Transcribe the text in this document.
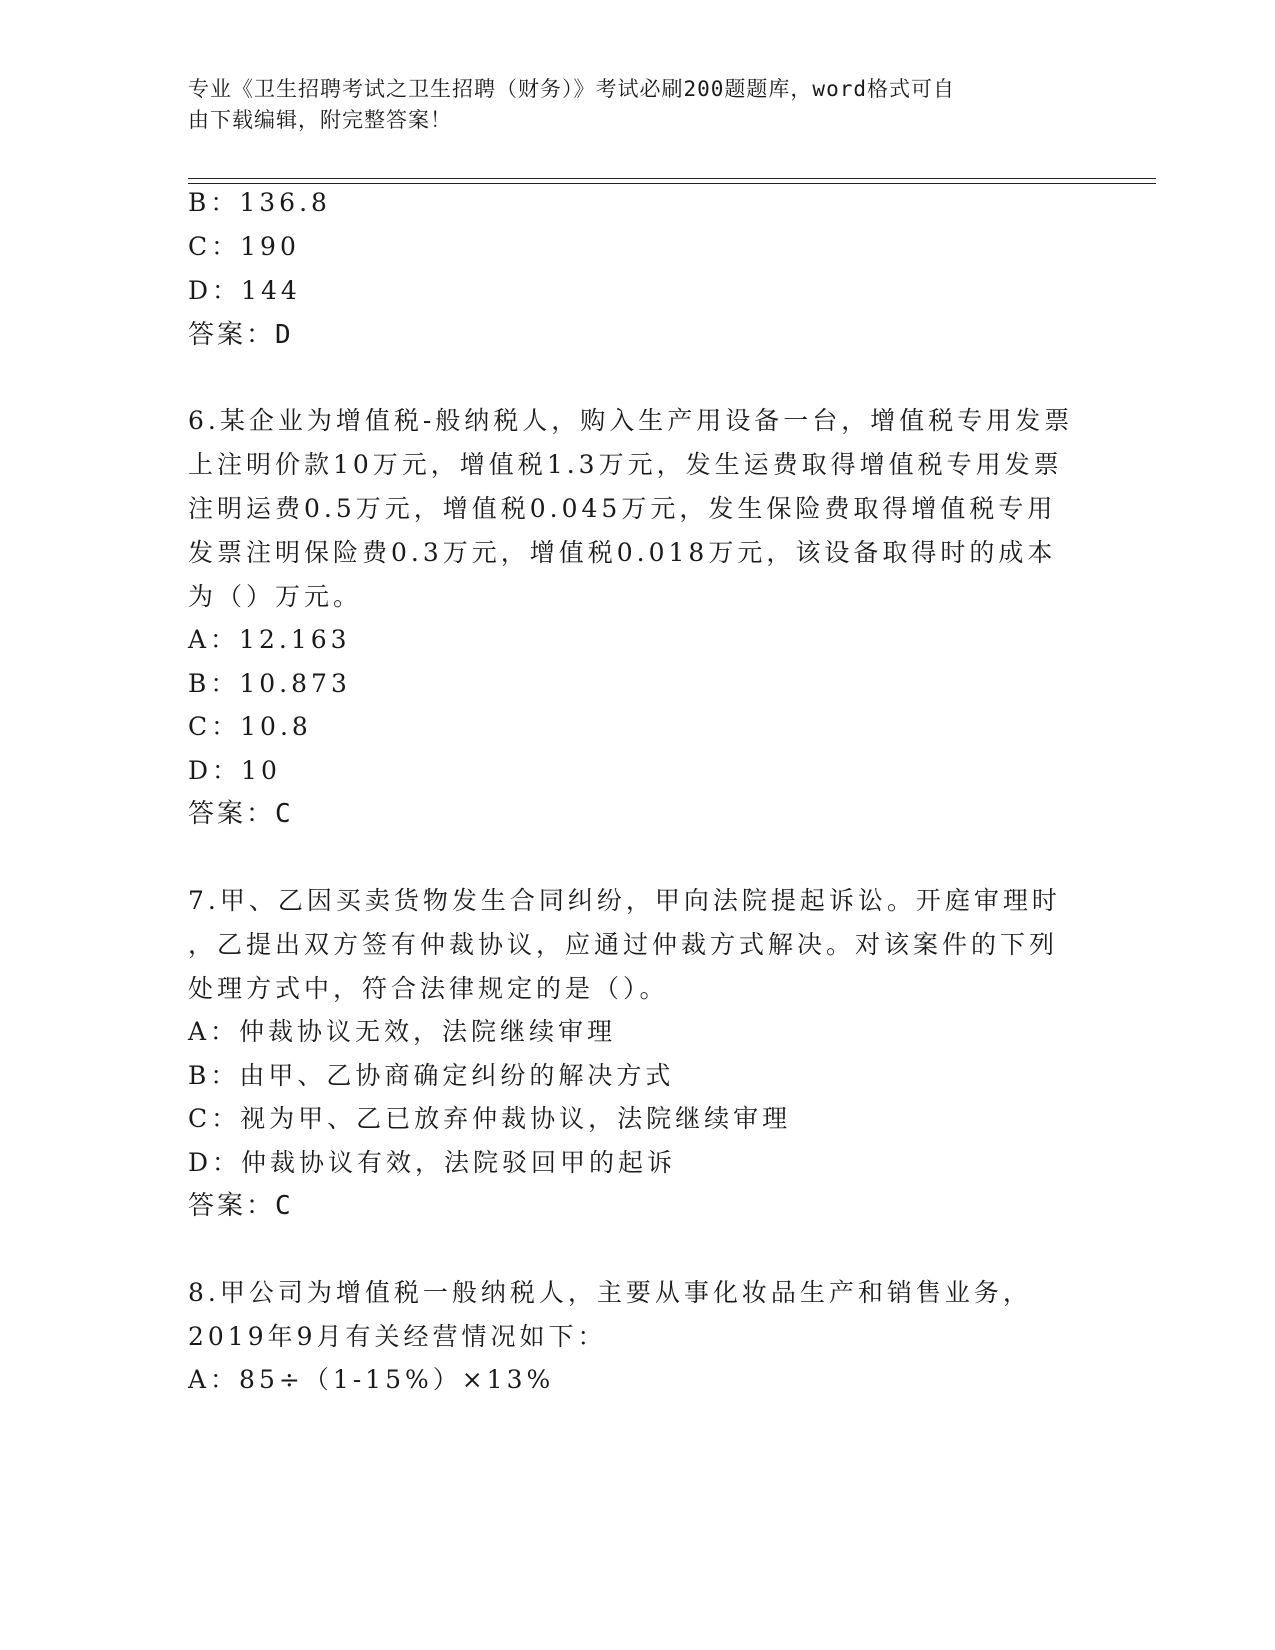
专业《卫生招聘考试之卫生招聘（财务）》考试必刷200题题库，word格式可自
由下载编辑，附完整答案！
B：136.8
C：190
D：144
答案：D
6.某企业为增值税-般纳税人，购入生产用设备一台，增值税专用发票
上注明价款10万元，增值税1.3万元，发生运费取得增值税专用发票
注明运费0.5万元，增值税0.045万元，发生保险费取得增值税专用
发票注明保险费0.3万元，增值税0.018万元，该设备取得时的成本
为（）万元。
A：12.163
B：10.873
C：10.8
D：10
答案：C
7.甲、乙因买卖货物发生合同纠纷，甲向法院提起诉讼。开庭审理时
，乙提出双方签有仲裁协议，应通过仲裁方式解决。对该案件的下列
处理方式中，符合法律规定的是（）。
A：仲裁协议无效，法院继续审理
B：由甲、乙协商确定纠纷的解决方式
C：视为甲、乙已放弃仲裁协议，法院继续审理
D：仲裁协议有效，法院驳回甲的起诉
答案：C
8.甲公司为增值税一般纳税人，主要从事化妆品生产和销售业务，
2019年9月有关经营情况如下：
A：85÷（1-15%）×13%
